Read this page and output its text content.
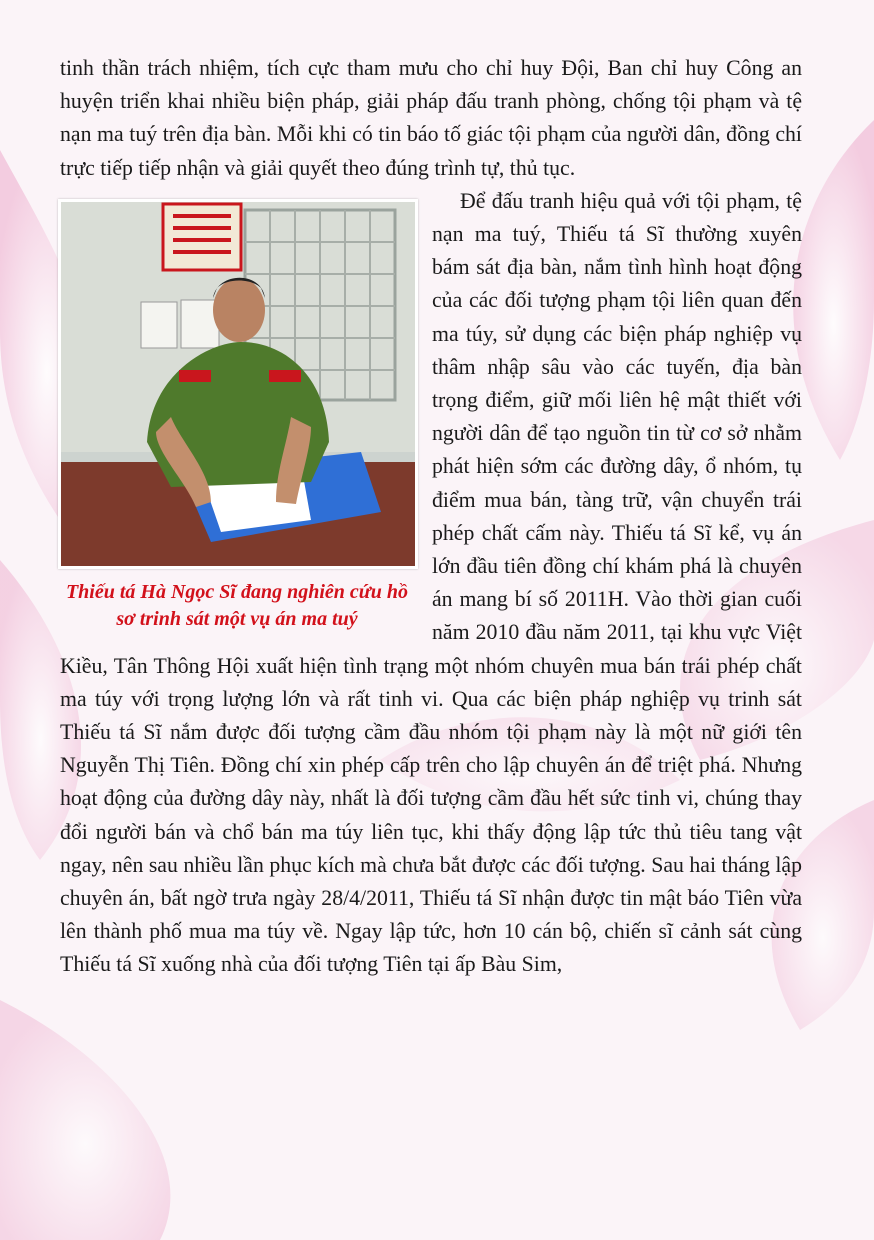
tinh thần trách nhiệm, tích cực tham mưu cho chỉ huy Đội, Ban chỉ huy Công an huyện triển khai nhiều biện pháp, giải pháp đấu tranh phòng, chống tội phạm và tệ nạn ma tuý trên địa bàn. Mỗi khi có tin báo tố giác tội phạm của người dân, đồng chí trực tiếp tiếp nhận và giải quyết theo đúng trình tự, thủ tục.

Thiếu tá Hà Ngọc Sĩ đang nghiên cứu hồ sơ trinh sát một vụ án ma tuý

Để đấu tranh hiệu quả với tội phạm, tệ nạn ma tuý, Thiếu tá Sĩ thường xuyên bám sát địa bàn, nắm tình hình hoạt động của các đối tượng phạm tội liên quan đến ma túy, sử dụng các biện pháp nghiệp vụ thâm nhập sâu vào các tuyến, địa bàn trọng điểm, giữ mối liên hệ mật thiết với người dân để tạo nguồn tin từ cơ sở nhằm phát hiện sớm các đường dây, ổ nhóm, tụ điểm mua bán, tàng trữ, vận chuyển trái phép chất cấm này. Thiếu tá Sĩ kể, vụ án lớn đầu tiên đồng chí khám phá là chuyên án mang bí số 2011H. Vào thời gian cuối năm 2010 đầu năm 2011, tại khu vực Việt Kiều, Tân Thông Hội xuất hiện tình trạng một nhóm chuyên mua bán trái phép chất ma túy với trọng lượng lớn và rất tinh vi. Qua các biện pháp nghiệp vụ trinh sát Thiếu tá Sĩ nắm được đối tượng cầm đầu nhóm tội phạm này là một nữ giới tên Nguyễn Thị Tiên. Đồng chí xin phép cấp trên cho lập chuyên án để triệt phá. Nhưng hoạt động của đường dây này, nhất là đối tượng cầm đầu hết sức tinh vi, chúng thay đổi người bán và chổ bán ma túy liên tục, khi thấy động lập tức thủ tiêu tang vật ngay, nên sau nhiều lần phục kích mà chưa bắt được các đối tượng. Sau hai tháng lập chuyên án, bất ngờ trưa ngày 28/4/2011, Thiếu tá Sĩ nhận được tin mật báo Tiên vừa lên thành phố mua ma túy về. Ngay lập tức, hơn 10 cán bộ, chiến sĩ cảnh sát cùng Thiếu tá Sĩ xuống nhà của đối tượng Tiên tại ấp Bàu Sim,
